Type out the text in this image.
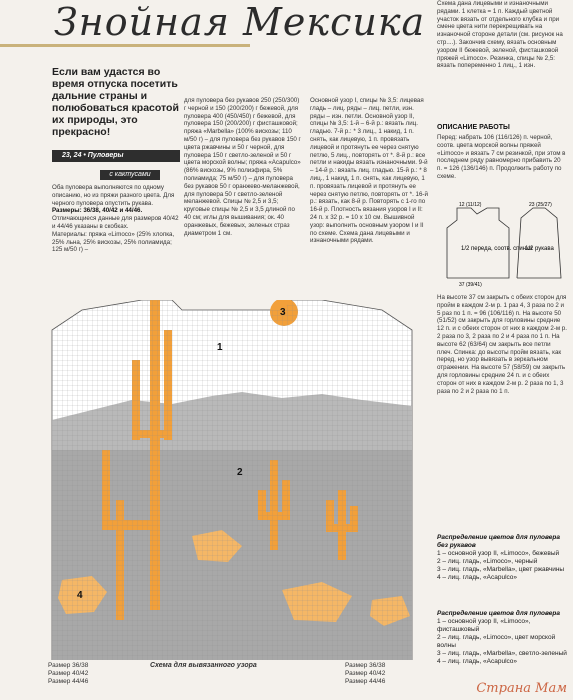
Знойная Мексика
Если вам удастся во время отпуска посетить дальние страны и полюбоваться красотой их природы, это прекрасно!
23, 24 • Пуловеры
с кактусами
Оба пуловера выполняются по одному описанию, но из пряжи разного цвета. Для черного пуловера опустить рукава.
Размеры: 36/38, 40/42 и 44/46.
Отличающиеся данные для размеров 40/42 и 44/46 указаны в скобках.
Материалы: пряжа «Limoco» (25% хлопка, 25% льна, 25% вискозы, 25% полиамида; 125 м/50 г) –
для пуловера без рукавов 250 (250/300) г черной и 150 (200/200) г бежевой, для пуловера 400 (450/450) г бежевой, для пуловера 150 (200/200) г фисташковой; пряжа «Marbella» (100% вискозы; 110 м/50 г) – для пуловера без рукавов 150 г цвета ржавчины и 50 г черной, для пуловера 150 г светло-зеленой и 50 г цвета морской волны; пряжа «Acapulco» (86% вискозы, 9% полиэфира, 5% полиамида; 75 м/50 г) – для пуловера без рукавов 50 г оранжево-меланжевой, для пуловера 50 г светло-зеленой меланжевой. Спицы № 2,5 и 3,5; круговые спицы № 2,5 и 3,5 длиной по 40 см; иглы для вышивания; ок. 40 оранжевых, бежевых, зеленых страз диаметром 1 см.
Основной узор I, спицы № 3,5: лицевая гладь – лиц. ряды – лиц. петли, изн. ряды – изн. петли. Основной узор II, спицы № 3,5: 1-й – 6-й р.: вязать лиц. гладью. 7-й р.: * 3 лиц., 1 накид, 1 п. снять, как лицевую, 1 п. провязать лицевой и протянуть ее через снятую петлю, 5 лиц., повторять от *. 8-й р.: все петли и накиды вязать изнаночными. 9-й – 14-й р.: вязать лиц. гладью. 15-й р.: * 8 лиц., 1 накид, 1 п. снять, как лицевую, 1 п. провязать лицевой и протянуть ее через снятую петлю, повторять от *. 16-й р.: вязать, как 8-й р. Повторять с 1-го по 16-й р. Плотность вязания узоров I и II: 24 п. х 32 р. = 10 х 10 см. Вышивной узор: выполнить основным узором I и II по схеме. Схема дана лицевыми и изнаночными рядами.
Схема дана лицевыми и изнаночными рядами. 1 клетка = 1 п. Каждый цветной участок вязать от отдельного клубка и при смене цвета нити перекрещивать на изнаночной стороне детали (см. рисунок на стр....). Закончив схему, вязать основным узором II бежевой, зеленой, фисташковой пряжей «Limoco». Резинка, спицы № 2,5: вязать попеременно 1 лиц., 1 изн.
ОПИСАНИЕ РАБОТЫ
Перед: набрать 106 (116/126) п. черной, соотв. цвета морской волны пряжей «Limoco» и вязать 7 см резинкой, при этом в последнем ряду равномерно прибавить 20 п. = 126 (136/146) п. Продолжить работу по схеме.
1/2 переда, соотв. спинки
1/2 рукава
12 (11/12)
37 (39/41)
23 (25/27)
На высоте 37 см закрыть с обеих сторон для пройм в каждом 2-м р. 1 раз 4, 3 раза по 2 и 5 раз по 1 п. = 96 (106/116) п. На высоте 50 (51/52) см закрыть для горловины средние 12 п. и с обеих сторон от них в каждом 2-м р. 2 раза по 3, 2 раза по 2 и 4 раза по 1 п. На высоте 62 (63/64) см закрыть все петли плеч. Спинка: до высоты пройм вязать, как перед, но узор вывязать в зеркальном отражении. На высоте 57 (58/59) см закрыть для горловины средние 24 п. и с обеих сторон от них в каждом 2-м р. 2 раза по 1, 3 раза по 2 и 2 раза по 1 п.
Распределение цветов для пуловера без рукавов
1 – основной узор II, «Limoco», бежевый
2 – лиц. гладь, «Limoco», черный
3 – лиц. гладь, «Marbella», цвет ржавчины
4 – лиц. гладь, «Acapulco»
Распределение цветов для пуловера
1 – основной узор II, «Limoco», фисташковый
2 – лиц. гладь, «Limoco», цвет морской волны
3 – лиц. гладь, «Marbella», светло-зеленый
4 – лиц. гладь, «Acapulco»
1
2
3
4
Схема для вывязанного узора
Размер 36/38
Размер 40/42
Размер 44/46
Размер 36/38
Размер 40/42
Размер 44/46	Страна Мам
